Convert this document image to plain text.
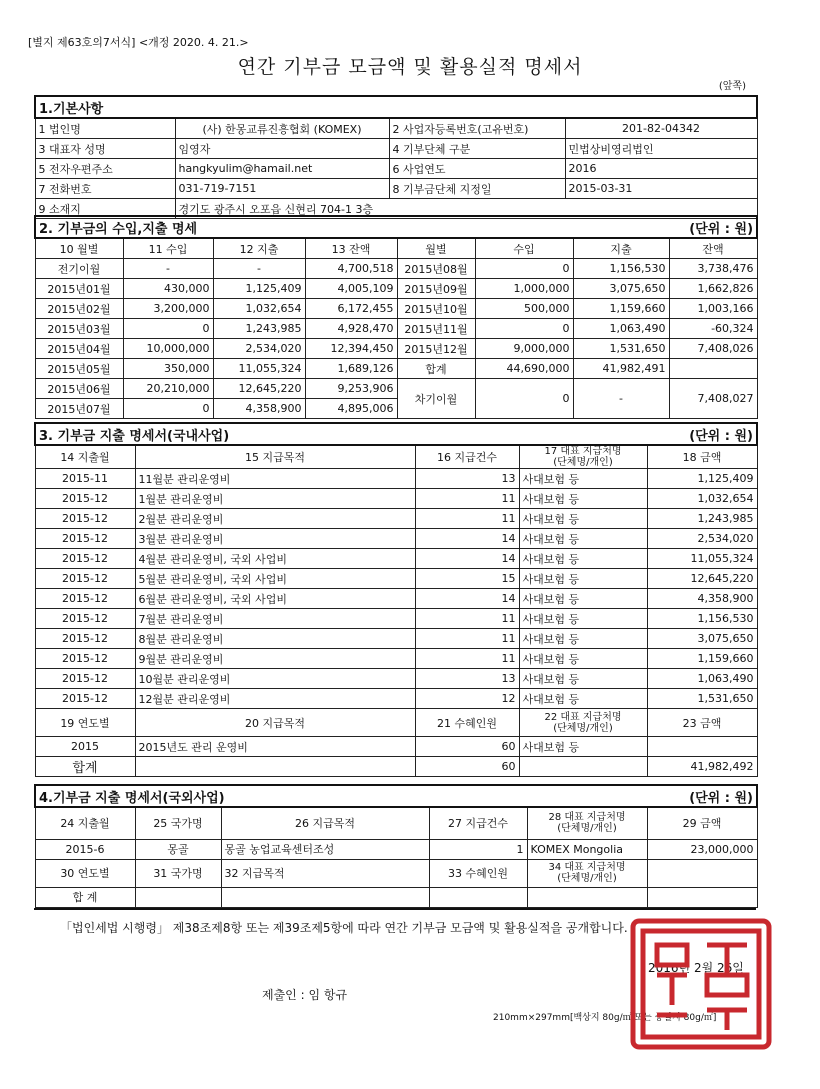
[별지 제63호의7서식] <개정 2020. 4. 21.>
연간 기부금 모금액 및 활용실적 명세서
(앞쪽)
1.기본사항			
1 법인명	(사) 한몽교류진흥협회 (KOMEX)	2 사업자등록번호(고유번호)	201-82-04342
3 대표자 성명	임영자	4 기부단체 구분	민법상비영리법인
5 전자우편주소	hangkyulim@hamail.net	6 사업연도	2016
7 전화번호	031-719-7151	8 기부금단체 지정일	2015-03-31
9 소재지	경기도 광주시 오포읍 신현리 704-1 3층		
2. 기부금의 수입,지출 명세 (단위 : 원)							

10 월별	11 수입	12 지출	13 잔액	월별	수입	지출	잔액
전기이월	-	-	4,700,518	2015년08월	0	1,156,530	3,738,476
2015년01월	430,000	1,125,409	4,005,109	2015년09월	1,000,000	3,075,650	1,662,826
2015년02월	3,200,000	1,032,654	6,172,455	2015년10월	500,000	1,159,660	1,003,166
2015년03월	0	1,243,985	4,928,470	2015년11월	0	1,063,490	-60,324
2015년04월	10,000,000	2,534,020	12,394,450	2015년12월	9,000,000	1,531,650	7,408,026
2015년05월	350,000	11,055,324	1,689,126	합계	44,690,000	41,982,491	
2015년06월	20,210,000	12,645,220	9,253,906	차기이월	0	-	7,408,027
2015년07월	0	4,358,900	4,895,006				
3. 기부금 지출 명세서(국내사업) (단위 : 원)				

14 지출월	15 지급목적	16 지급건수	17 대표 지급처명
(단체명/개인)	18 금액
2015-11	11월분 관리운영비	13	사대보험 등	1,125,409
2015-12	1월분 관리운영비	11	사대보험 등	1,032,654
2015-12	2월분 관리운영비	11	사대보험 등	1,243,985
2015-12	3월분 관리운영비	14	사대보험 등	2,534,020
2015-12	4월분 관리운영비, 국외 사업비	14	사대보험 등	11,055,324
2015-12	5월분 관리운영비, 국외 사업비	15	사대보험 등	12,645,220
2015-12	6월분 관리운영비, 국외 사업비	14	사대보험 등	4,358,900
2015-12	7월분 관리운영비	11	사대보험 등	1,156,530
2015-12	8월분 관리운영비	11	사대보험 등	3,075,650
2015-12	9월분 관리운영비	11	사대보험 등	1,159,660
2015-12	10월분 관리운영비	13	사대보험 등	1,063,490
2015-12	12월분 관리운영비	12	사대보험 등	1,531,650
19 연도별	20 지급목적	21 수혜인원	22 대표 지급처명
(단체명/개인)	23 금액
2015	2015년도 관리 운영비	60	사대보험 등	
합계		60		41,982,492
4.기부금 지출 명세서(국외사업) (단위 : 원)					

24 지출월	25 국가명	26 지급목적	27 지급건수	28 대표 지급처명
(단체명/개인)	29 금액
2015-6	몽골	몽골 농업교육센터조성	1	KOMEX Mongolia	23,000,000
30 연도별	31 국가명	32 지급목적	33 수혜인원	34 대표 지급처명
(단체명/개인)	

합 계					
「법인세법 시행령」 제38조제8항 또는 제39조제5항에 따라 연간 기부금 모금액 및 활용실적을 공개합니다.
2016년 2월 26일
제출인 : 임 항규
210mm×297mm[백상지 80g/㎡ 또는 중질지 80g/㎡]
